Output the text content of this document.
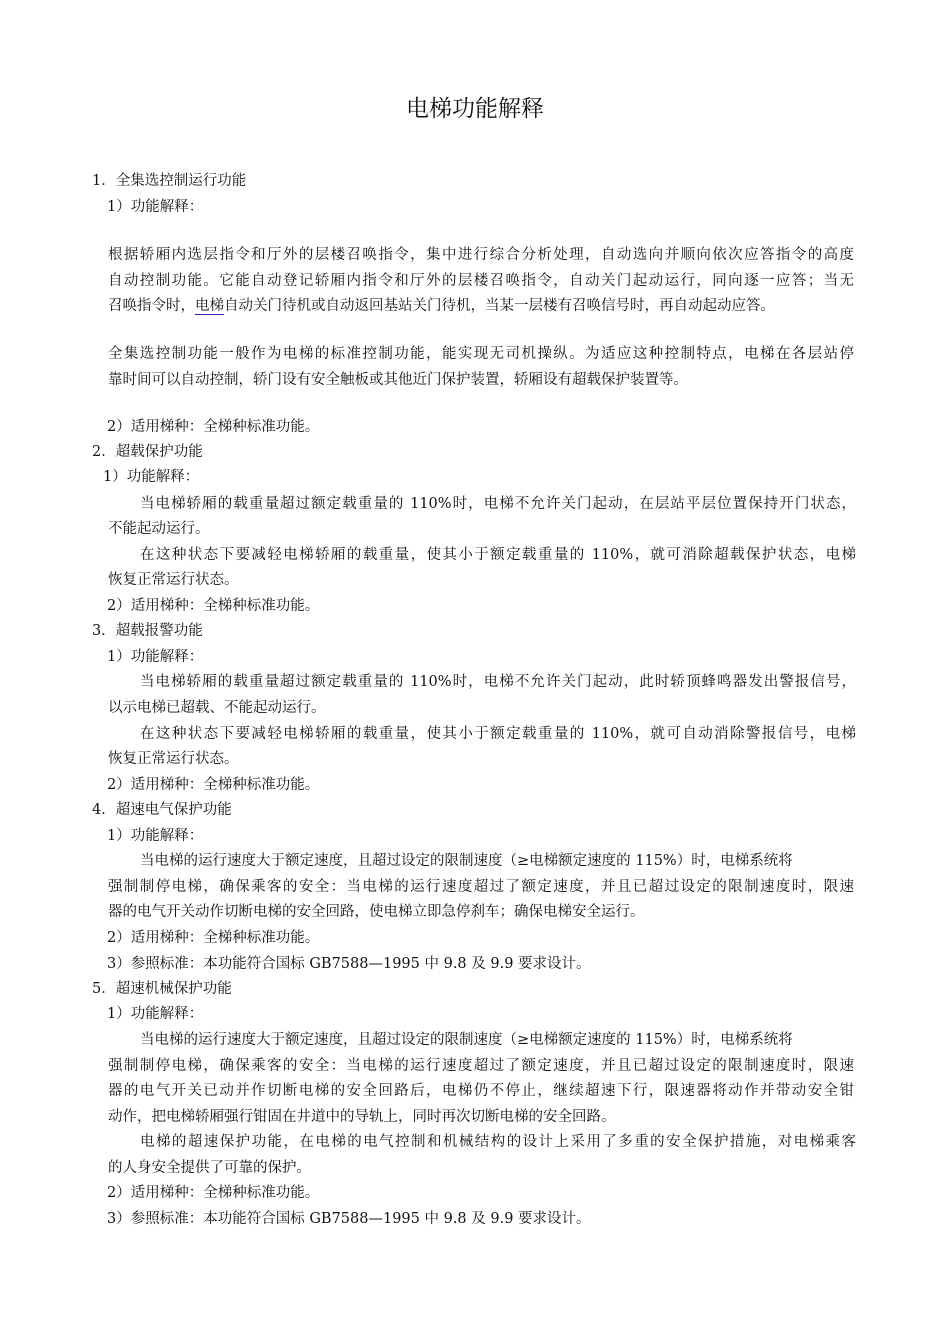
电梯功能解释
1．全集选控制运行功能
1）功能解释：
根据轿厢内选层指令和厅外的层楼召唤指令，集中进行综合分析处理，自动选向并顺向依次应答指令的高度
自动控制功能。它能自动登记轿厢内指令和厅外的层楼召唤指令，自动关门起动运行，同向逐一应答；当无
召唤指令时，电梯自动关门待机或自动返回基站关门待机，当某一层楼有召唤信号时，再自动起动应答。
全集选控制功能一般作为电梯的标准控制功能，能实现无司机操纵。为适应这种控制特点，电梯在各层站停
靠时间可以自动控制，轿门设有安全触板或其他近门保护装置，轿厢设有超载保护装置等。
2）适用梯种：全梯种标准功能。
2．超载保护功能
1）功能解释：
当电梯轿厢的载重量超过额定载重量的 110%时，电梯不允许关门起动，在层站平层位置保持开门状态，
不能起动运行。
在这种状态下要减轻电梯轿厢的载重量，使其小于额定载重量的 110%，就可消除超载保护状态，电梯
恢复正常运行状态。
2）适用梯种：全梯种标准功能。
3．超载报警功能
1）功能解释：
当电梯轿厢的载重量超过额定载重量的 110%时，电梯不允许关门起动，此时轿顶蜂鸣器发出警报信号，
以示电梯已超载、不能起动运行。
在这种状态下要减轻电梯轿厢的载重量，使其小于额定载重量的 110%，就可自动消除警报信号，电梯
恢复正常运行状态。
2）适用梯种：全梯种标准功能。
4．超速电气保护功能
1）功能解释：
当电梯的运行速度大于额定速度，且超过设定的限制速度（≥电梯额定速度的 115%）时，电梯系统将
强制制停电梯，确保乘客的安全：当电梯的运行速度超过了额定速度，并且已超过设定的限制速度时，限速
器的电气开关动作切断电梯的安全回路，使电梯立即急停刹车；确保电梯安全运行。
2）适用梯种：全梯种标准功能。
3）参照标准：本功能符合国标 GB7588—1995 中 9.8 及 9.9 要求设计。
5．超速机械保护功能
1）功能解释：
当电梯的运行速度大于额定速度，且超过设定的限制速度（≥电梯额定速度的 115%）时，电梯系统将
强制制停电梯，确保乘客的安全：当电梯的运行速度超过了额定速度，并且已超过设定的限制速度时，限速
器的电气开关已动并作切断电梯的安全回路后，电梯仍不停止，继续超速下行，限速器将动作并带动安全钳
动作，把电梯轿厢强行钳固在井道中的导轨上，同时再次切断电梯的安全回路。
电梯的超速保护功能，在电梯的电气控制和机械结构的设计上采用了多重的安全保护措施，对电梯乘客
的人身安全提供了可靠的保护。
2）适用梯种：全梯种标准功能。
3）参照标准：本功能符合国标 GB7588—1995 中 9.8 及 9.9 要求设计。
